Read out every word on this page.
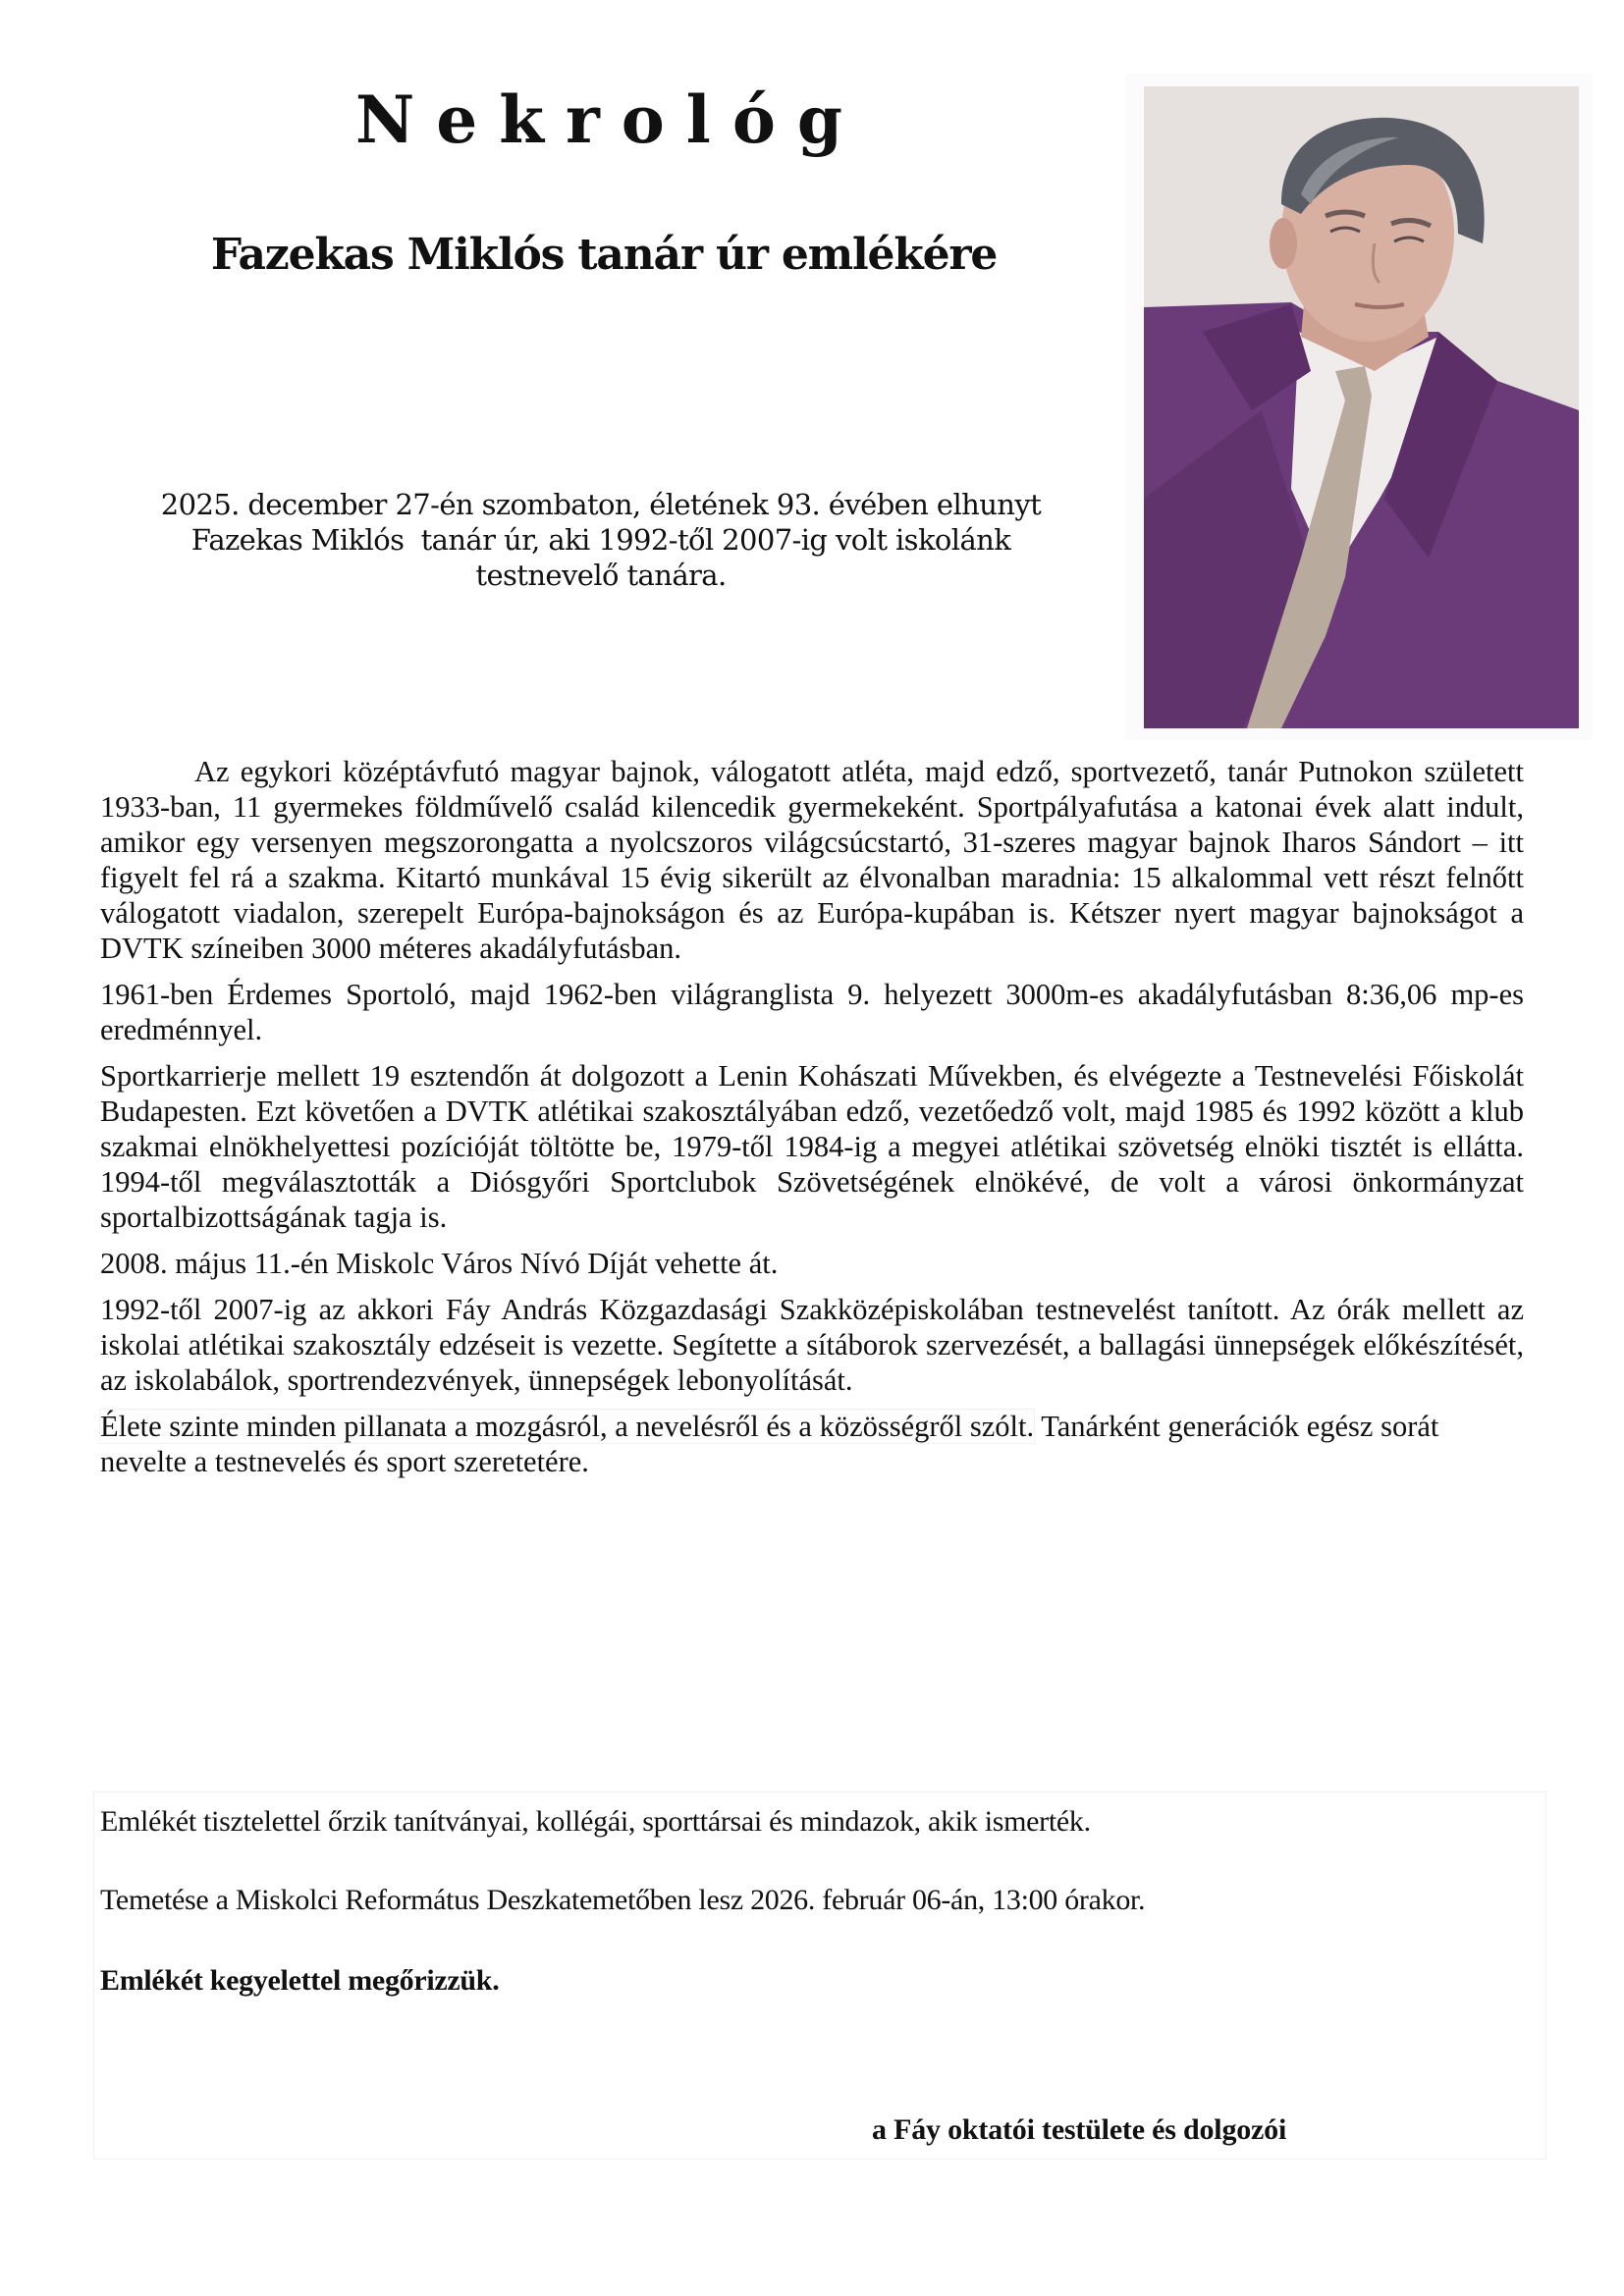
Nekrológ
Fazekas Miklós tanár úr emlékére
2025. december 27-én szombaton, életének 93. évében elhunyt
Fazekas Miklós  tanár úr, aki 1992-től 2007-ig volt iskolánk
testnevelő tanára.

Az egykori középtávfutó magyar bajnok, válogatott atléta, majd edző, sportvezető, tanár Putnokon született 1933-ban, 11 gyermekes földművelő család kilencedik gyermekeként. Sportpályafutása a katonai évek alatt indult, amikor egy versenyen megszorongatta a nyolcszoros világcsúcstartó, 31-szeres magyar bajnok Iharos Sándort – itt figyelt fel rá a szakma. Kitartó munkával 15 évig sikerült az élvonalban maradnia: 15 alkalommal vett részt felnőtt válogatott viadalon, szerepelt Európa-bajnokságon és az Európa-kupában is. Kétszer nyert magyar bajnokságot a DVTK színeiben 3000 méteres akadályfutásban.

1961-ben Érdemes Sportoló, majd 1962-ben világranglista 9. helyezett 3000m-es akadályfutásban 8:36,06 mp-es eredménnyel.

Sportkarrierje mellett 19 esztendőn át dolgozott a Lenin Kohászati Művekben, és elvégezte a Testnevelési Főiskolát Budapesten. Ezt követően a DVTK atlétikai szakosztályában edző, vezetőedző volt, majd 1985 és 1992 között a klub szakmai elnökhelyettesi pozícióját töltötte be, 1979-től 1984-ig a megyei atlétikai szövetség elnöki tisztét is ellátta. 1994-től megválasztották a Diósgyőri Sportclubok Szövetségének elnökévé, de volt a városi önkormányzat sportalbizottságának tagja is.

2008. május 11.-én Miskolc Város Nívó Díját vehette át.

1992-től 2007-ig az akkori Fáy András Közgazdasági Szakközépiskolában testnevelést tanított. Az órák mellett az iskolai atlétikai szakosztály edzéseit is vezette. Segítette a sítáborok szervezését, a ballagási ünnepségek előkészítését, az iskolabálok, sportrendezvények, ünnepségek lebonyolítását.

Élete szinte minden pillanata a mozgásról, a nevelésről és a közösségről szólt. Tanárként generációk egész sorát nevelte a testnevelés és sport szeretetére.

Emlékét tisztelettel őrzik tanítványai, kollégái, sporttársai és mindazok, akik ismerték.
Temetése a Miskolci Református Deszkatemetőben lesz 2026. február 06-án, 13:00 órakor.
Emlékét kegyelettel megőrizzük.
a Fáy oktatói testülete és dolgozói
